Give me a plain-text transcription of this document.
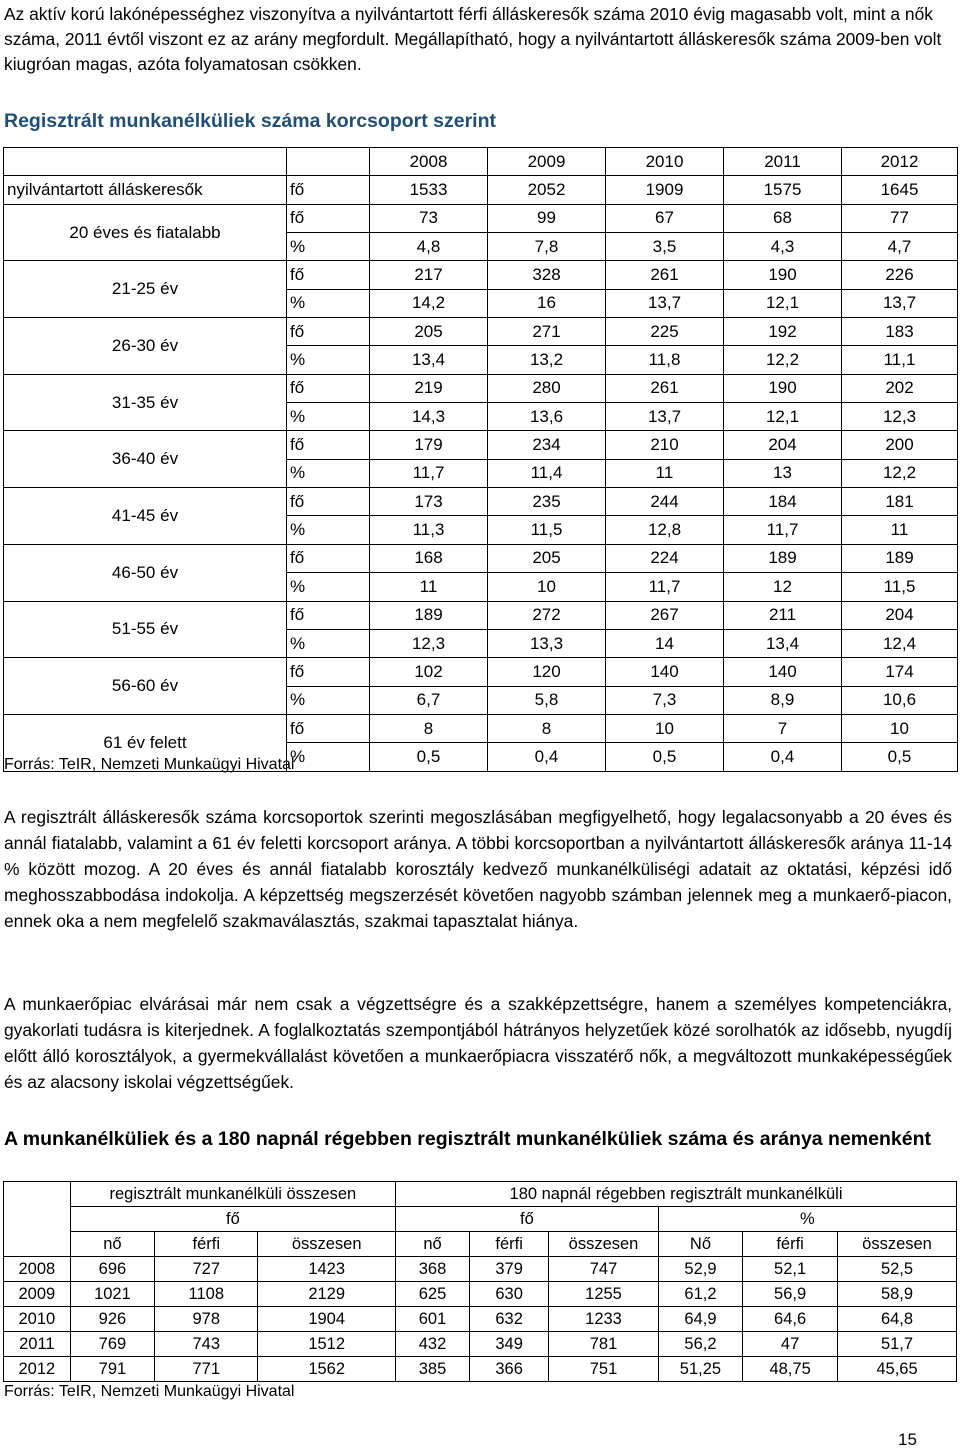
Az aktív korú lakónépességhez viszonyítva a nyilvántartott férfi álláskeresők száma 2010 évig magasabb volt, mint a nők száma, 2011 évtől viszont ez az arány megfordult. Megállapítható, hogy a nyilvántartott álláskeresők száma 2009-ben volt kiugróan magas, azóta folyamatosan csökken.

Regisztrált munkanélküliek száma korcsoport szerint

		2008	2009	2010	2011	2012
nyilvántartott álláskeresők	fő	1533	2052	1909	1575	1645
20 éves és fiatalabb	fő	73	99	67	68	77
	%	4,8	7,8	3,5	4,3	4,7
21-25 év	fő	217	328	261	190	226
	%	14,2	16	13,7	12,1	13,7
26-30 év	fő	205	271	225	192	183
	%	13,4	13,2	11,8	12,2	11,1
31-35 év	fő	219	280	261	190	202
	%	14,3	13,6	13,7	12,1	12,3
36-40 év	fő	179	234	210	204	200
	%	11,7	11,4	11	13	12,2
41-45 év	fő	173	235	244	184	181
	%	11,3	11,5	12,8	11,7	11
46-50 év	fő	168	205	224	189	189
	%	11	10	11,7	12	11,5
51-55 év	fő	189	272	267	211	204
	%	12,3	13,3	14	13,4	12,4
56-60 év	fő	102	120	140	140	174
	%	6,7	5,8	7,3	8,9	10,6
61 év felett	fő	8	8	10	7	10
	%	0,5	0,4	0,5	0,4	0,5

Forrás: TeIR, Nemzeti Munkaügyi Hivatal

A regisztrált álláskeresők száma korcsoportok szerinti megoszlásában megfigyelhető, hogy legalacsonyabb a 20 éves és annál fiatalabb, valamint a 61 év feletti korcsoport aránya. A többi korcsoportban a nyilvántartott álláskeresők aránya 11-14 % között mozog. A 20 éves és annál fiatalabb korosztály kedvező munkanélküliségi adatait az oktatási, képzési idő meghosszabbodása indokolja. A képzettség megszerzését követően nagyobb számban jelennek meg a munkaerő-piacon, ennek oka a nem megfelelő szakmaválasztás, szakmai tapasztalat hiánya.

A munkaerőpiac elvárásai már nem csak a végzettségre és a szakképzettségre, hanem a személyes kompetenciákra, gyakorlati tudásra is kiterjednek. A foglalkoztatás szempontjából hátrányos helyzetűek közé sorolhatók az idősebb, nyugdíj előtt álló korosztályok, a gyermekvállalást követően a munkaerőpiacra visszatérő nők, a megváltozott munkaképességűek és az alacsony iskolai végzettségűek.

A munkanélküliek és a 180 napnál régebben regisztrált munkanélküliek száma és aránya nemenként

	regisztrált munkanélküli összesen			180 napnál régebben regisztrált munkanélküli					
	fő			fő			%		
	nő	férfi	összesen	nő	férfi	összesen	Nő	férfi	összesen
2008	696	727	1423	368	379	747	52,9	52,1	52,5
2009	1021	1108	2129	625	630	1255	61,2	56,9	58,9
2010	926	978	1904	601	632	1233	64,9	64,6	64,8
2011	769	743	1512	432	349	781	56,2	47	51,7
2012	791	771	1562	385	366	751	51,25	48,75	45,65

Forrás: TeIR, Nemzeti Munkaügyi Hivatal

15
